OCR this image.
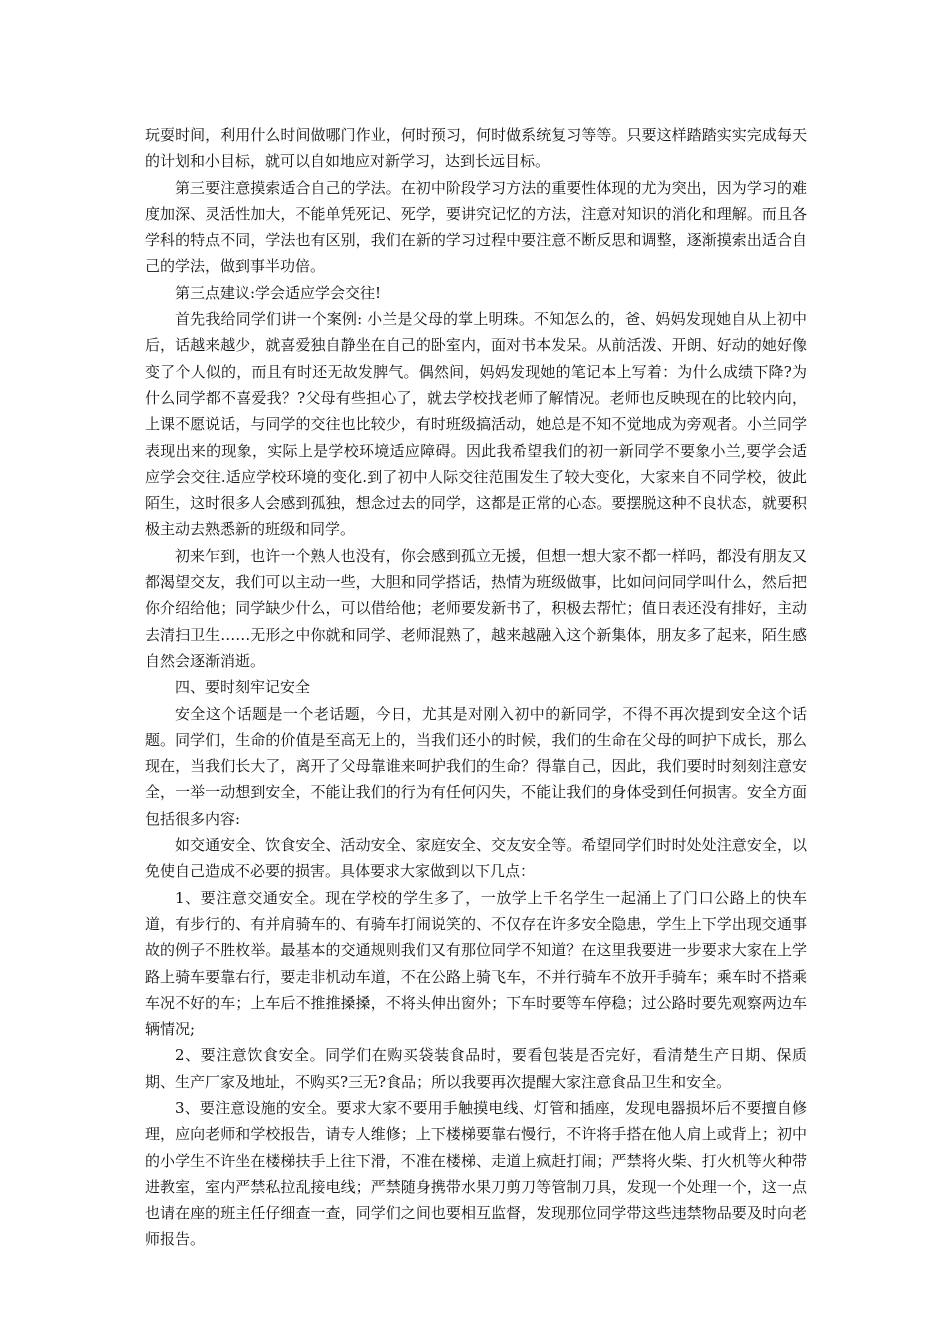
玩耍时间，利用什么时间做哪门作业，何时预习，何时做系统复习等等。只要这样踏踏实实完成每天的计划和小目标，就可以自如地应对新学习，达到长远目标。

第三要注意摸索适合自己的学法。在初中阶段学习方法的重要性体现的尤为突出，因为学习的难度加深、灵活性加大，不能单凭死记、死学，要讲究记忆的方法，注意对知识的消化和理解。而且各学科的特点不同，学法也有区别，我们在新的学习过程中要注意不断反思和调整，逐渐摸索出适合自己的学法，做到事半功倍。

第三点建议:学会适应学会交往!

首先我给同学们讲一个案例: 小兰是父母的掌上明珠。不知怎么的，爸、妈妈发现她自从上初中后，话越来越少，就喜爱独自静坐在自己的卧室内，面对书本发呆。从前活泼、开朗、好动的她好像变了个人似的，而且有时还无故发脾气。偶然间，妈妈发现她的笔记本上写着：为什么成绩下降?为什么同学都不喜爱我？?父母有些担心了，就去学校找老师了解情况。老师也反映现在的比较内向，上课不愿说话，与同学的交往也比较少，有时班级搞活动，她总是不知不觉地成为旁观者。小兰同学表现出来的现象，实际上是学校环境适应障碍。因此我希望我们的初一新同学不要象小兰,要学会适应学会交往.适应学校环境的变化.到了初中人际交往范围发生了较大变化，大家来自不同学校，彼此陌生，这时很多人会感到孤独，想念过去的同学，这都是正常的心态。要摆脱这种不良状态，就要积极主动去熟悉新的班级和同学。

初来乍到，也许一个熟人也没有，你会感到孤立无援，但想一想大家不都一样吗，都没有朋友又都渴望交友，我们可以主动一些，大胆和同学搭话，热情为班级做事，比如问问同学叫什么，然后把你介绍给他；同学缺少什么，可以借给他；老师要发新书了，积极去帮忙；值日表还没有排好，主动去清扫卫生……无形之中你就和同学、老师混熟了，越来越融入这个新集体，朋友多了起来，陌生感自然会逐渐消逝。

四、要时刻牢记安全

安全这个话题是一个老话题，今日，尤其是对刚入初中的新同学，不得不再次提到安全这个话题。同学们，生命的价值是至高无上的，当我们还小的时候，我们的生命在父母的呵护下成长，那么现在，当我们长大了，离开了父母靠谁来呵护我们的生命？得靠自己，因此，我们要时时刻刻注意安全，一举一动想到安全，不能让我们的行为有任何闪失，不能让我们的身体受到任何损害。安全方面包括很多内容:

如交通安全、饮食安全、活动安全、家庭安全、交友安全等。希望同学们时时处处注意安全，以免使自己造成不必要的损害。具体要求大家做到以下几点：

1、要注意交通安全。现在学校的学生多了，一放学上千名学生一起涌上了门口公路上的快车道，有步行的、有并肩骑车的、有骑车打闹说笑的、不仅存在许多安全隐患，学生上下学出现交通事故的例子不胜枚举。最基本的交通规则我们又有那位同学不知道？在这里我要进一步要求大家在上学路上骑车要靠右行，要走非机动车道，不在公路上骑飞车，不并行骑车不放开手骑车；乘车时不搭乘车况不好的车；上车后不推推搡搡，不将头伸出窗外；下车时要等车停稳；过公路时要先观察两边车辆情况;

2、要注意饮食安全。同学们在购买袋装食品时，要看包装是否完好，看清楚生产日期、保质期、生产厂家及地址，不购买?三无?食品；所以我要再次提醒大家注意食品卫生和安全。

3、要注意设施的安全。要求大家不要用手触摸电线、灯管和插座，发现电器损坏后不要擅自修理，应向老师和学校报告，请专人维修；上下楼梯要靠右慢行，不许将手搭在他人肩上或背上；初中的小学生不许坐在楼梯扶手上往下滑，不准在楼梯、走道上疯赶打闹；严禁将火柴、打火机等火种带进教室，室内严禁私拉乱接电线；严禁随身携带水果刀剪刀等管制刀具，发现一个处理一个，这一点也请在座的班主任仔细查一查，同学们之间也要相互监督，发现那位同学带这些违禁物品要及时向老师报告。
